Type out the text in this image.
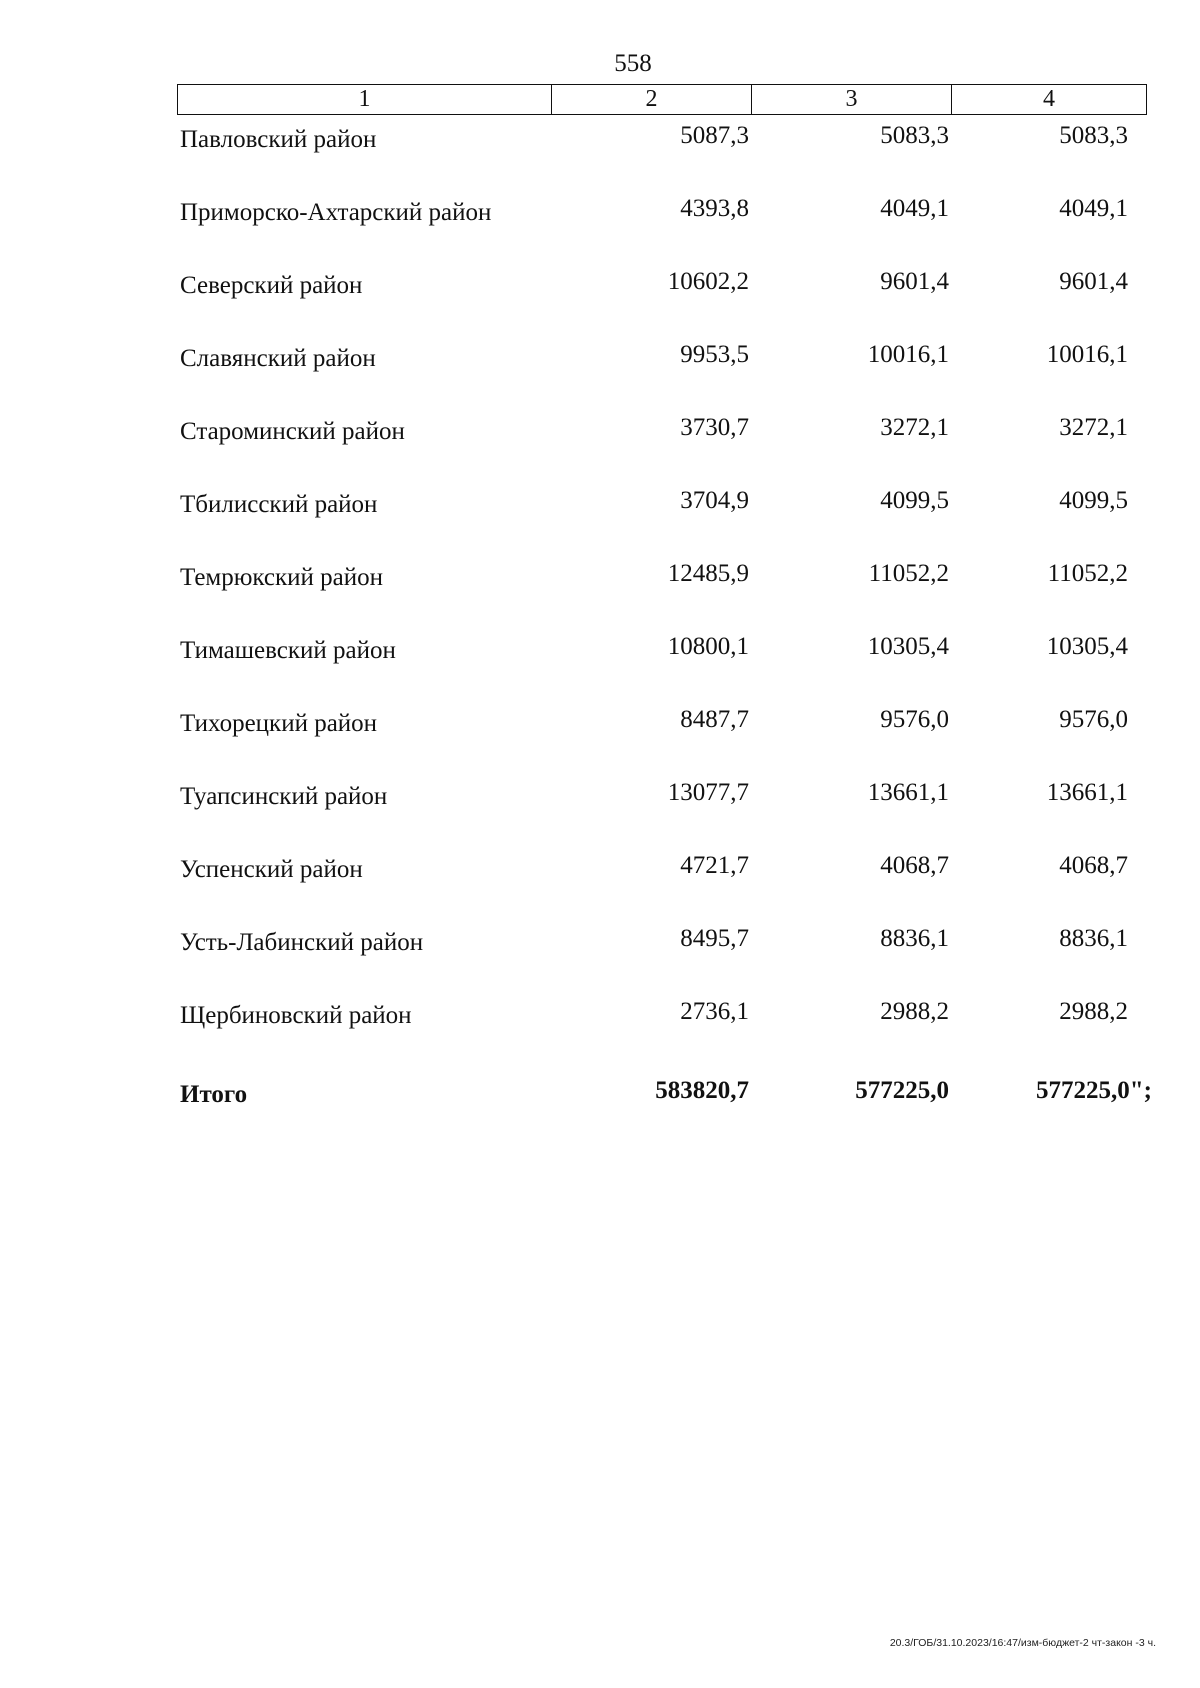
558
1	2	3	4
Павловский район	5087,3	5083,3	5083,3
Приморско-Ахтарский район	4393,8	4049,1	4049,1
Северский район	10602,2	9601,4	9601,4
Славянский район	9953,5	10016,1	10016,1
Староминский район	3730,7	3272,1	3272,1
Тбилисский район	3704,9	4099,5	4099,5
Темрюкский район	12485,9	11052,2	11052,2
Тимашевский район	10800,1	10305,4	10305,4
Тихорецкий район	8487,7	9576,0	9576,0
Туапсинский район	13077,7	13661,1	13661,1
Успенский район	4721,7	4068,7	4068,7
Усть-Лабинский район	8495,7	8836,1	8836,1
Щербиновский район	2736,1	2988,2	2988,2
Итого	583820,7	577225,0	577225,0";
20.3/ГОБ/31.10.2023/16:47/изм-бюджет-2 чт-закон -3 ч.
